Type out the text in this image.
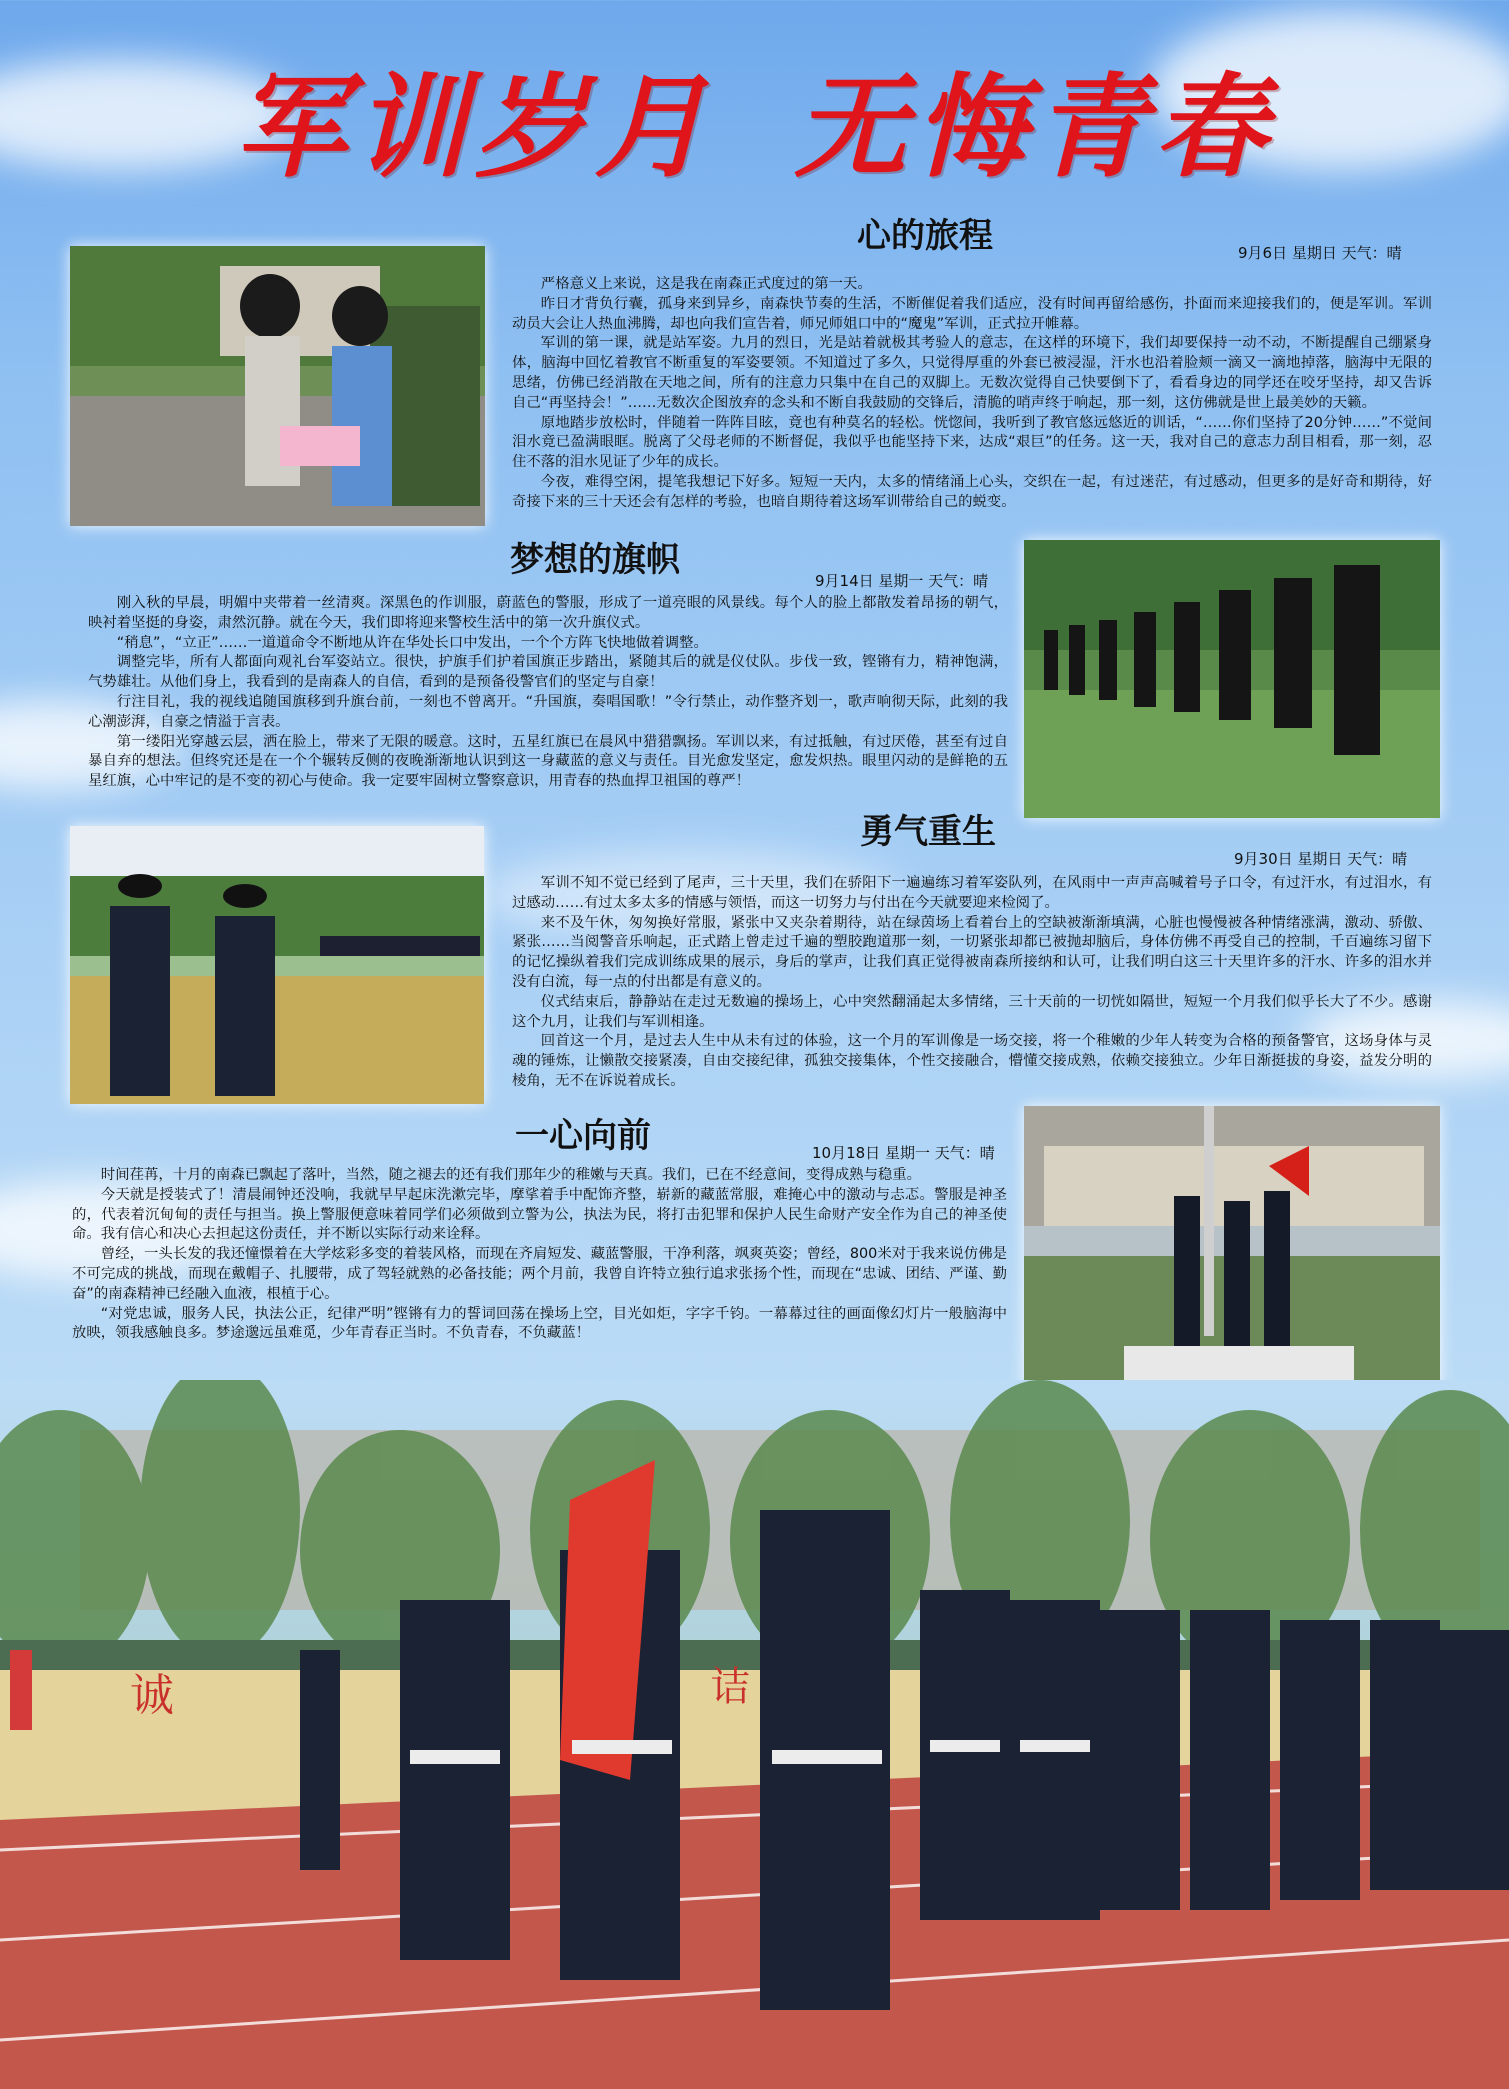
军训岁月 无悔青春
心的旅程	9月6日 星期日 天气：晴

严格意义上来说，这是我在南森正式度过的第一天。

昨日才背负行囊，孤身来到异乡，南森快节奏的生活，不断催促着我们适应，没有时间再留给感伤，扑面而来迎接我们的，便是军训。军训动员大会让人热血沸腾，却也向我们宣告着，师兄师姐口中的“魔鬼”军训，正式拉开帷幕。

军训的第一课，就是站军姿。九月的烈日，光是站着就极其考验人的意志，在这样的环境下，我们却要保持一动不动，不断提醒自己绷紧身体，脑海中回忆着教官不断重复的军姿要领。不知道过了多久，只觉得厚重的外套已被浸湿，汗水也沿着脸颊一滴又一滴地掉落，脑海中无限的思绪，仿佛已经消散在天地之间，所有的注意力只集中在自己的双脚上。无数次觉得自己快要倒下了，看看身边的同学还在咬牙坚持，却又告诉自己“再坚持会！”……无数次企图放弃的念头和不断自我鼓励的交锋后，清脆的哨声终于响起，那一刻，这仿佛就是世上最美妙的天籁。

原地踏步放松时，伴随着一阵阵目眩，竟也有种莫名的轻松。恍惚间，我听到了教官悠远悠近的训话，“……你们坚持了20分钟……”不觉间泪水竟已盈满眼眶。脱离了父母老师的不断督促，我似乎也能坚持下来，达成“艰巨”的任务。这一天，我对自己的意志力刮目相看，那一刻，忍住不落的泪水见证了少年的成长。

今夜，难得空闲，提笔我想记下好多。短短一天内，太多的情绪涌上心头，交织在一起，有过迷茫，有过感动，但更多的是好奇和期待，好奇接下来的三十天还会有怎样的考验，也暗自期待着这场军训带给自己的蜕变。

梦想的旗帜
9月14日 星期一 天气：晴

刚入秋的早晨，明媚中夹带着一丝清爽。深黑色的作训服，蔚蓝色的警服，形成了一道亮眼的风景线。每个人的脸上都散发着昂扬的朝气，映衬着坚挺的身姿，肃然沉静。就在今天，我们即将迎来警校生活中的第一次升旗仪式。

“稍息”，“立正”……一道道命令不断地从许在华处长口中发出，一个个方阵飞快地做着调整。

调整完毕，所有人都面向观礼台军姿站立。很快，护旗手们护着国旗正步踏出，紧随其后的就是仪仗队。步伐一致，铿锵有力，精神饱满，气势雄壮。从他们身上，我看到的是南森人的自信，看到的是预备役警官们的坚定与自豪！

行注目礼，我的视线追随国旗移到升旗台前，一刻也不曾离开。“升国旗，奏唱国歌！”令行禁止，动作整齐划一，歌声响彻天际，此刻的我心潮澎湃，自豪之情溢于言表。

第一缕阳光穿越云层，洒在脸上，带来了无限的暖意。这时，五星红旗已在晨风中猎猎飘扬。军训以来，有过抵触，有过厌倦，甚至有过自暴自弃的想法。但终究还是在一个个辗转反侧的夜晚渐渐地认识到这一身藏蓝的意义与责任。目光愈发坚定，愈发炽热。眼里闪动的是鲜艳的五星红旗，心中牢记的是不变的初心与使命。我一定要牢固树立警察意识，用青春的热血捍卫祖国的尊严！

勇气重生
9月30日 星期日 天气：晴

军训不知不觉已经到了尾声，三十天里，我们在骄阳下一遍遍练习着军姿队列，在风雨中一声声高喊着号子口令，有过汗水，有过泪水，有过感动……有过太多太多的情感与领悟，而这一切努力与付出在今天就要迎来检阅了。

来不及午休，匆匆换好常服，紧张中又夹杂着期待，站在绿茵场上看着台上的空缺被渐渐填满，心脏也慢慢被各种情绪涨满，激动、骄傲、紧张……当阅警音乐响起，正式踏上曾走过千遍的塑胶跑道那一刻，一切紧张却都已被抛却脑后，身体仿佛不再受自己的控制，千百遍练习留下的记忆操纵着我们完成训练成果的展示，身后的掌声，让我们真正觉得被南森所接纳和认可，让我们明白这三十天里许多的汗水、许多的泪水并没有白流，每一点的付出都是有意义的。

仪式结束后，静静站在走过无数遍的操场上，心中突然翻涌起太多情绪，三十天前的一切恍如隔世，短短一个月我们似乎长大了不少。感谢这个九月，让我们与军训相逢。

回首这一个月，是过去人生中从未有过的体验，这一个月的军训像是一场交接，将一个稚嫩的少年人转变为合格的预备警官，这场身体与灵魂的锤炼，让懒散交接紧凑，自由交接纪律，孤独交接集体，个性交接融合，懵懂交接成熟，依赖交接独立。少年日渐挺拔的身姿，益发分明的棱角，无不在诉说着成长。

一心向前	10月18日 星期一 天气：晴

时间荏苒，十月的南森已飘起了落叶，当然，随之褪去的还有我们那年少的稚嫩与天真。我们，已在不经意间，变得成熟与稳重。

今天就是授装式了！清晨闹钟还没响，我就早早起床洗漱完毕，摩挲着手中配饰齐整，崭新的藏蓝常服，难掩心中的激动与忐忑。警服是神圣的，代表着沉甸甸的责任与担当。换上警服便意味着同学们必须做到立警为公，执法为民，将打击犯罪和保护人民生命财产安全作为自己的神圣使命。我有信心和决心去担起这份责任，并不断以实际行动来诠释。

曾经，一头长发的我还憧憬着在大学炫彩多变的着装风格，而现在齐肩短发、藏蓝警服，干净利落，飒爽英姿；曾经，800米对于我来说仿佛是不可完成的挑战，而现在戴帽子、扎腰带，成了驾轻就熟的必备技能；两个月前，我曾自许特立独行追求张扬个性，而现在“忠诚、团结、严谨、勤奋”的南森精神已经融入血液，根植于心。

“对党忠诚，服务人民，执法公正，纪律严明”铿锵有力的誓词回荡在操场上空，目光如炬，字字千钧。一幕幕过往的画面像幻灯片一般脑海中放映，领我感触良多。梦途邈远虽难觅，少年青春正当时。不负青春，不负藏蓝！

诚	诘
